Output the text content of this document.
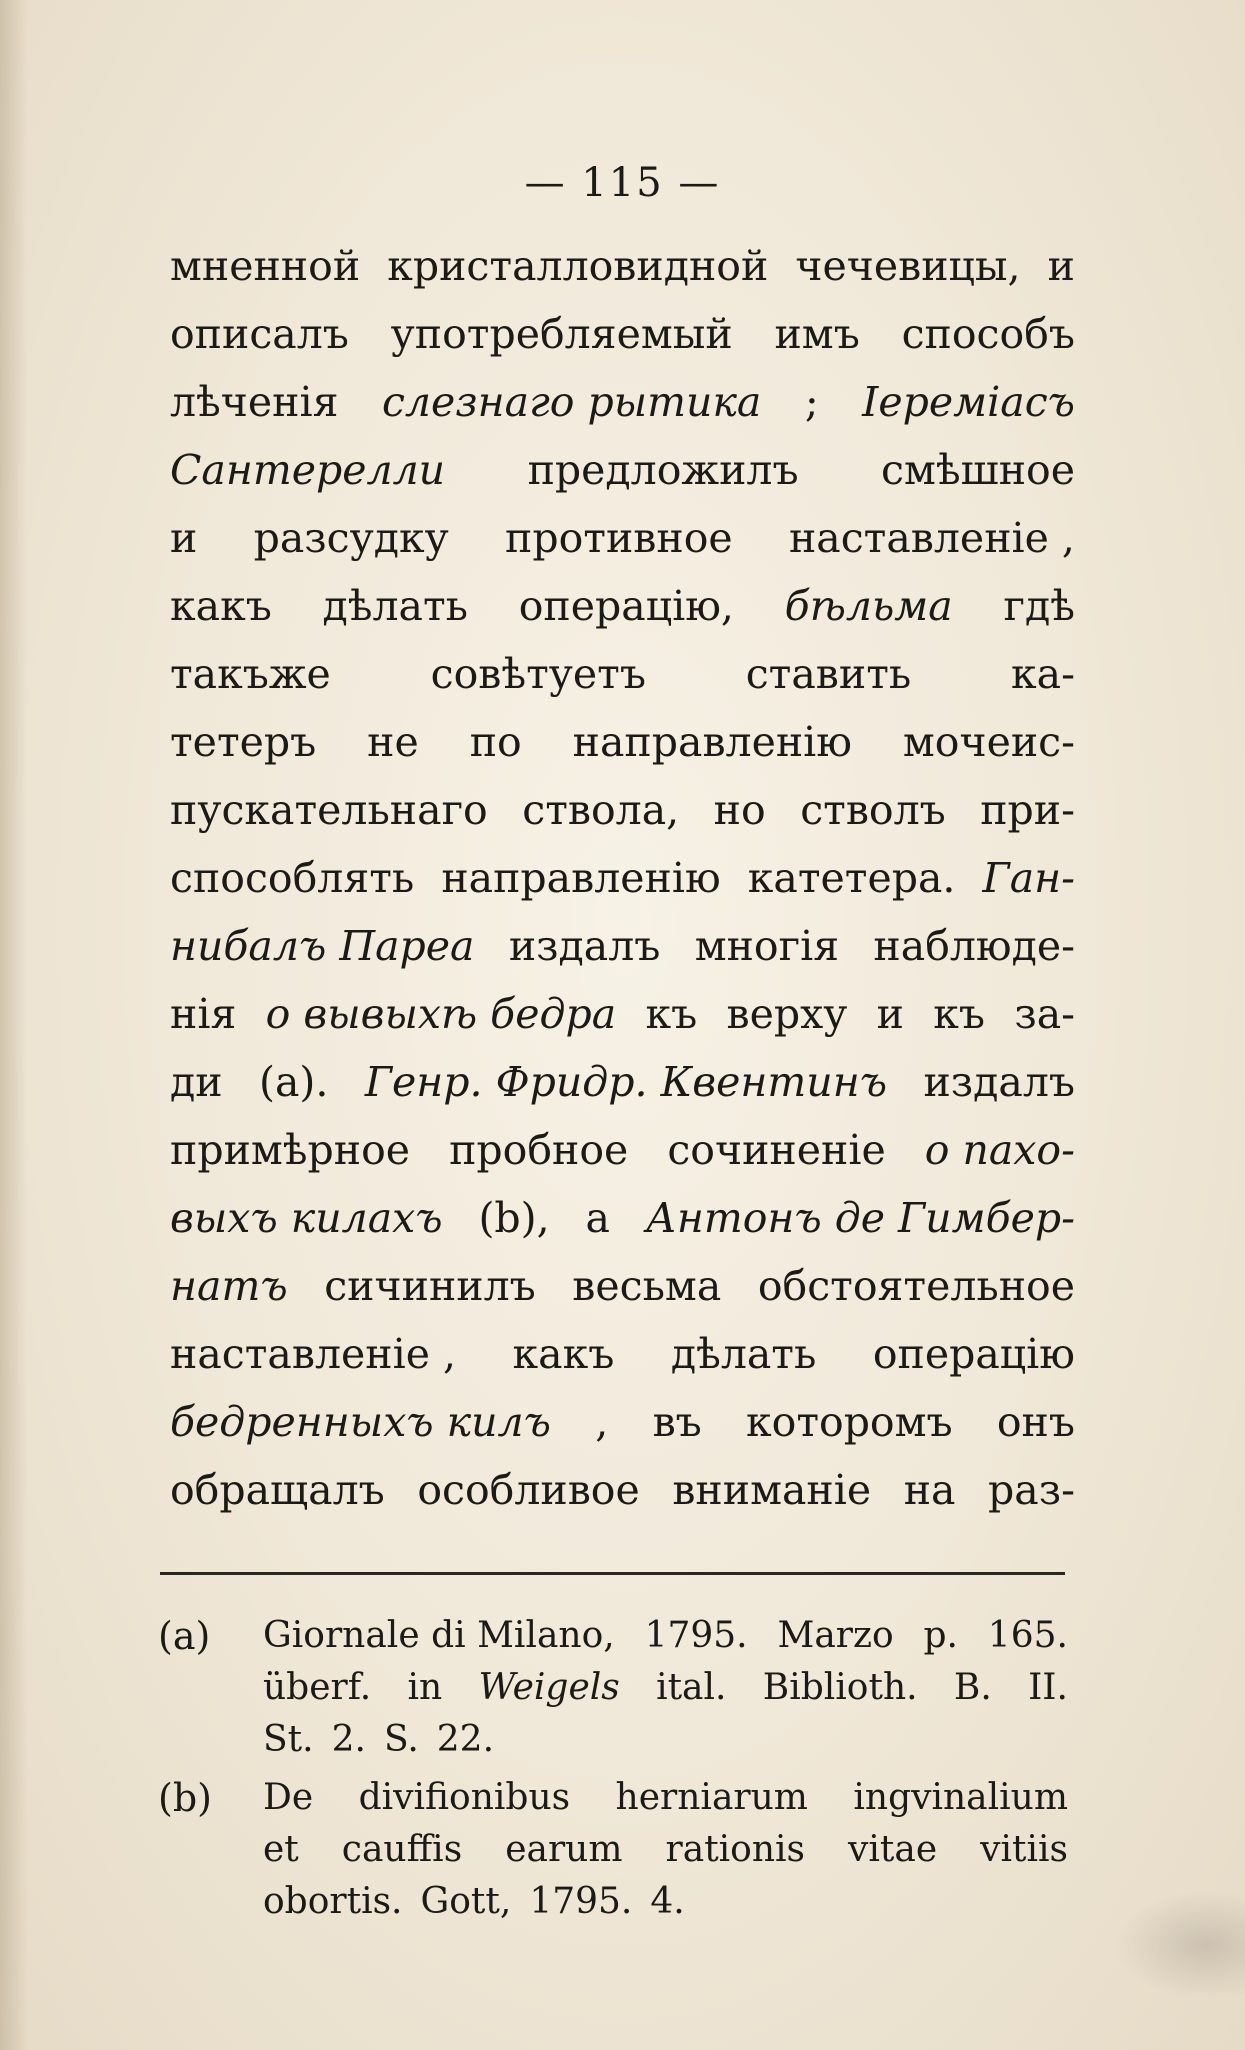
— 115 —
мненной кристалловидной чечевицы, и
описалъ употребляемый имъ способъ
лѣченія слезнаго рытика ; Іеремiасъ
Сантерелли предложилъ смѣшное
и разсудку противное наставленіе ,
какъ дѣлать операцію, бѣльма гдѣ
такъже совѣтуетъ ставить ка-
тетеръ не по направленію мочеис-
пускательнаго ствола, но стволъ при-
способлять направленію катетера. Ган-
нибалъ Пареа издалъ многія наблюде-
нія о вывыхѣ бедра къ верху и къ за-
ди (a). Генр. Фридр. Квентинъ издалъ
примѣрное пробное сочиненіе о пахо-
выхъ килахъ (b), а Антонъ де Гимбер-
натъ сичинилъ весьма обстоятельное
наставленіе , какъ дѣлать операцію
бедренныхъ килъ , въ которомъ онъ
обращалъ особливое вниманіе на раз-
(a)	Giornale di Milano, 1795. Marzo p. 165.
überf. in Weigels ital. Biblioth. B. II.
St. 2. S. 22.
(b)	De divifionibus herniarum ingvinalium
et cauffis earum rationis vitae vitiis
obortis. Gott, 1795. 4.
